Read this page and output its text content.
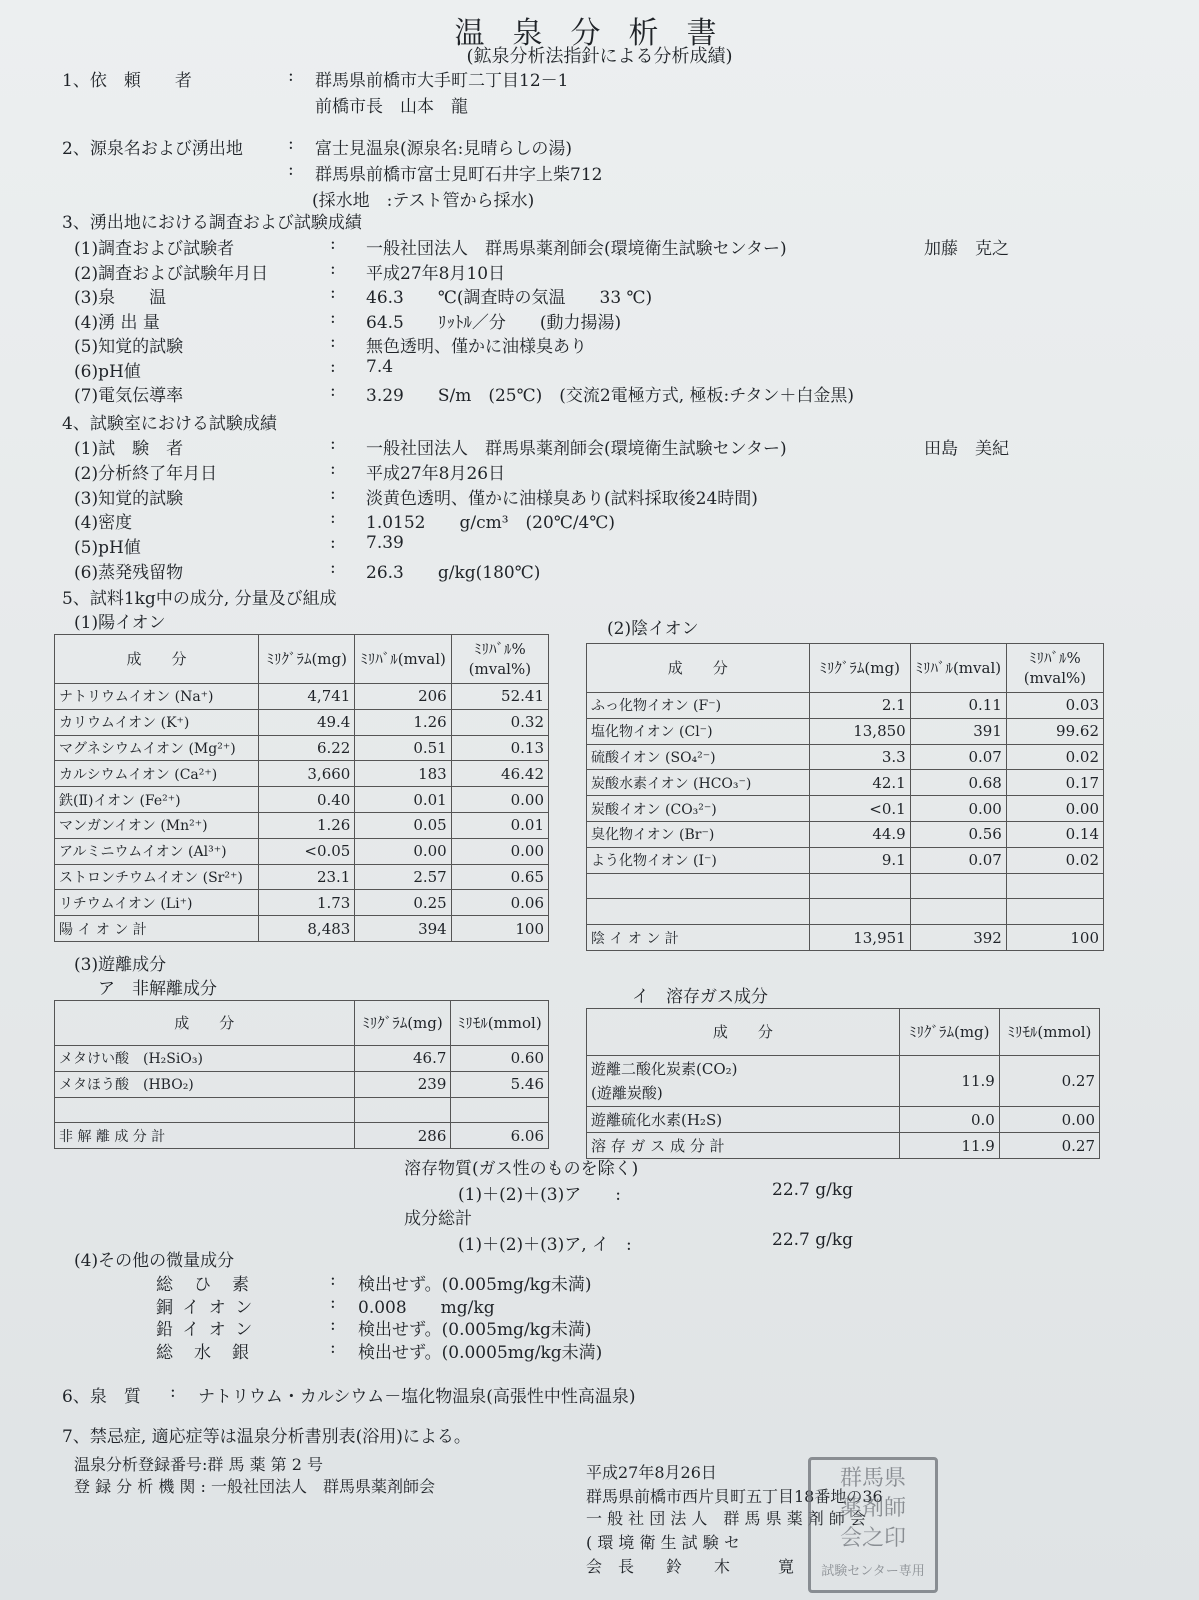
温泉分析書
(鉱泉分析法指針による分析成績)
1、依　頼　　者	: 群馬県前橋市大手町二丁目12－1
前橋市長　山本　龍
2、源泉名および湧出地	: 富士見温泉(源泉名:見晴らしの湯)
: 群馬県前橋市富士見町石井字上柴712
(採水地　:テスト管から採水)
3、湧出地における調査および試験成績
(1)調査および試験者	: 一般社団法人　群馬県薬剤師会(環境衛生試験センター)	加藤　克之
(2)調査および試験年月日	: 平成27年8月10日
(3)泉　　温	: 46.3　　℃(調査時の気温　　33 ℃)
(4)湧 出 量	: 64.5　　ﾘｯﾄﾙ／分　　(動力揚湯)
(5)知覚的試験	: 無色透明、僅かに油様臭あり
(6)pH値	: 7.4
(7)電気伝導率	: 3.29　　S/m　(25℃)　(交流2電極方式, 極板:チタン＋白金黒)
4、試験室における試験成績
(1)試　験　者	: 一般社団法人　群馬県薬剤師会(環境衛生試験センター)	田島　美紀
(2)分析終了年月日	: 平成27年8月26日
(3)知覚的試験	: 淡黄色透明、僅かに油様臭あり(試料採取後24時間)
(4)密度	: 1.0152　　g/cm³　(20℃/4℃)
(5)pH値	: 7.39
(6)蒸発残留物	: 26.3　　g/kg(180℃)
5、試料1kg中の成分, 分量及び組成
(1)陽イオン	(2)陰イオン
成　　分	ﾐﾘｸﾞﾗﾑ(mg)	ﾐﾘﾊﾞﾙ(mval)	ﾐﾘﾊﾞﾙ%(mval%)
ナトリウムイオン (Na⁺)	4,741	206	52.41
カリウムイオン (K⁺)	49.4	1.26	0.32
マグネシウムイオン (Mg²⁺)	6.22	0.51	0.13
カルシウムイオン (Ca²⁺)	3,660	183	46.42
鉄(Ⅱ)イオン (Fe²⁺)	0.40	0.01	0.00
マンガンイオン (Mn²⁺)	1.26	0.05	0.01
アルミニウムイオン (Al³⁺)	<0.05	0.00	0.00
ストロンチウムイオン (Sr²⁺)	23.1	2.57	0.65
リチウムイオン (Li⁺)	1.73	0.25	0.06
陽 イ オ ン 計	8,483	394	100
成　　分	ﾐﾘｸﾞﾗﾑ(mg)	ﾐﾘﾊﾞﾙ(mval)	ﾐﾘﾊﾞﾙ%(mval%)
ふっ化物イオン (F⁻)	2.1	0.11	0.03
塩化物イオン (Cl⁻)	13,850	391	99.62
硫酸イオン (SO₄²⁻)	3.3	0.07	0.02
炭酸水素イオン (HCO₃⁻)	42.1	0.68	0.17
炭酸イオン (CO₃²⁻)	<0.1	0.00	0.00
臭化物イオン (Br⁻)	44.9	0.56	0.14
よう化物イオン (I⁻)	9.1	0.07	0.02

陰 イ オ ン 計	13,951	392	100
(3)遊離成分
ア　非解離成分	イ　溶存ガス成分
成　　分	ﾐﾘｸﾞﾗﾑ(mg)	ﾐﾘﾓﾙ(mmol)
メタけい酸　(H₂SiO₃)	46.7	0.60
メタほう酸　(HBO₂)	239	5.46

非 解 離 成 分 計	286	6.06
成　　分	ﾐﾘｸﾞﾗﾑ(mg)	ﾐﾘﾓﾙ(mmol)

遊離二酸化炭素(CO₂)
(遊離炭酸)	11.9	0.27
遊離硫化水素(H₂S)	0.0	0.00
溶 存 ガ ス 成 分 計	11.9	0.27
溶存物質(ガス性のものを除く)
(1)＋(2)＋(3)ア　　:	22.7 g/kg
成分総計
(1)＋(2)＋(3)ア, イ　:	22.7 g/kg
(4)その他の微量成分
総　ひ　素	: 検出せず。(0.005mg/kg未満)
銅 イ オ ン	: 0.008　　mg/kg
鉛 イ オ ン	: 検出せず。(0.005mg/kg未満)
総　水　銀	: 検出せず。(0.0005mg/kg未満)
6、泉　質 : ナトリウム・カルシウム－塩化物温泉(高張性中性高温泉)
7、禁忌症, 適応症等は温泉分析書別表(浴用)による。
温泉分析登録番号:群 馬 薬 第 2 号
登 録 分 析 機 関 : 一般社団法人　群馬県薬剤師会
平成27年8月26日
群馬県前橋市西片貝町五丁目18番地の36
一 般 社 団 法 人　群 馬 県 薬 剤 師 会
( 環 境 衛 生 試 験 セ
会　長　　鈴　　木　　　寛
群馬県
薬剤師
会之印
試験センター専用
